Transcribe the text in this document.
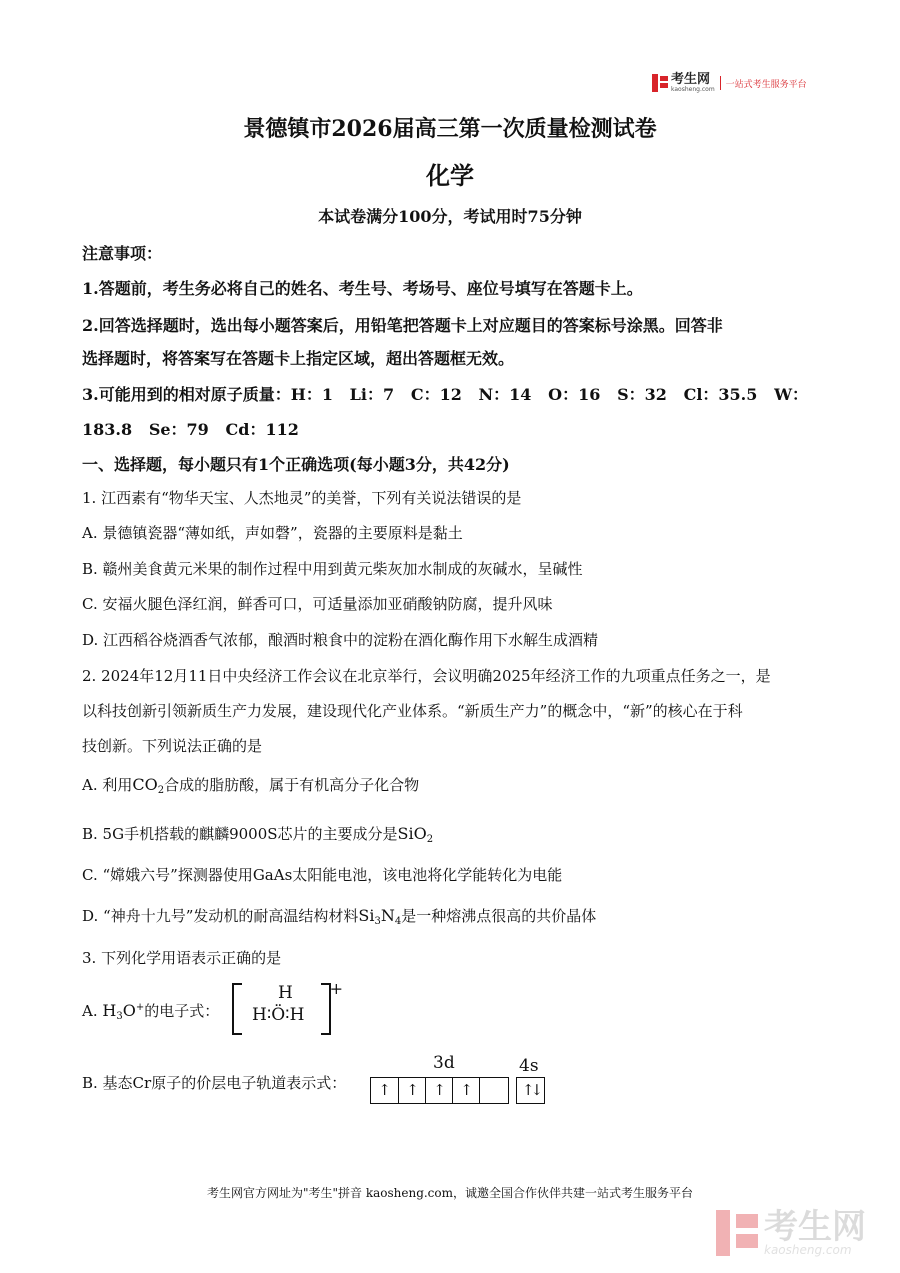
考生网
kaosheng.com 一站式考生服务平台
景德镇市2026届高三第一次质量检测试卷
化学
本试卷满分100分，考试用时75分钟
注意事项：
1.答题前，考生务必将自己的姓名、考生号、考场号、座位号填写在答题卡上。
2.回答选择题时，选出每小题答案后，用铅笔把答题卡上对应题目的答案标号涂黑。回答非
选择题时，将答案写在答题卡上指定区域，超出答题框无效。
3.可能用到的相对原子质量：H：1   Li：7   C：12   N：14   O：16   S：32   Cl：35.5   W：
183.8   Se：79   Cd：112
一、选择题，每小题只有1个正确选项(每小题3分，共42分)
1. 江西素有“物华天宝、人杰地灵”的美誉，下列有关说法错误的是
A. 景德镇瓷器“薄如纸，声如磬”，瓷器的主要原料是黏土
B. 赣州美食黄元米果的制作过程中用到黄元柴灰加水制成的灰碱水，呈碱性
C. 安福火腿色泽红润，鲜香可口，可适量添加亚硝酸钠防腐，提升风味
D. 江西稻谷烧酒香气浓郁，酿酒时粮食中的淀粉在酒化酶作用下水解生成酒精
2. 2024年12月11日中央经济工作会议在北京举行，会议明确2025年经济工作的九项重点任务之一，是
以科技创新引领新质生产力发展，建设现代化产业体系。“新质生产力”的概念中，“新”的核心在于科
技创新。下列说法正确的是
A. 利用$CO_2$合成的脂肪酸，属于有机高分子化合物
B. 5G手机搭载的麒麟9000S芯片的主要成分是SiO$_2$
C. “嫦娥六号”探测器使用GaAs太阳能电池，该电池将化学能转化为电能
D. “神舟十九号”发动机的耐高温结构材料$Si_3N_4$是一种熔沸点很高的共价晶体
3. 下列化学用语表示正确的是
A. $H_3O^+$的电子式：
H
H∶Ö∶H
+
B. 基态Cr原子的价层电子轨道表示式：
3d	4s
↑	↑ ↑ ↑	↑↓
考生网官方网址为"考生"拼音 kaosheng.com，诚邀全国合作伙伴共建一站式考生服务平台
考生网
kaosheng.com
